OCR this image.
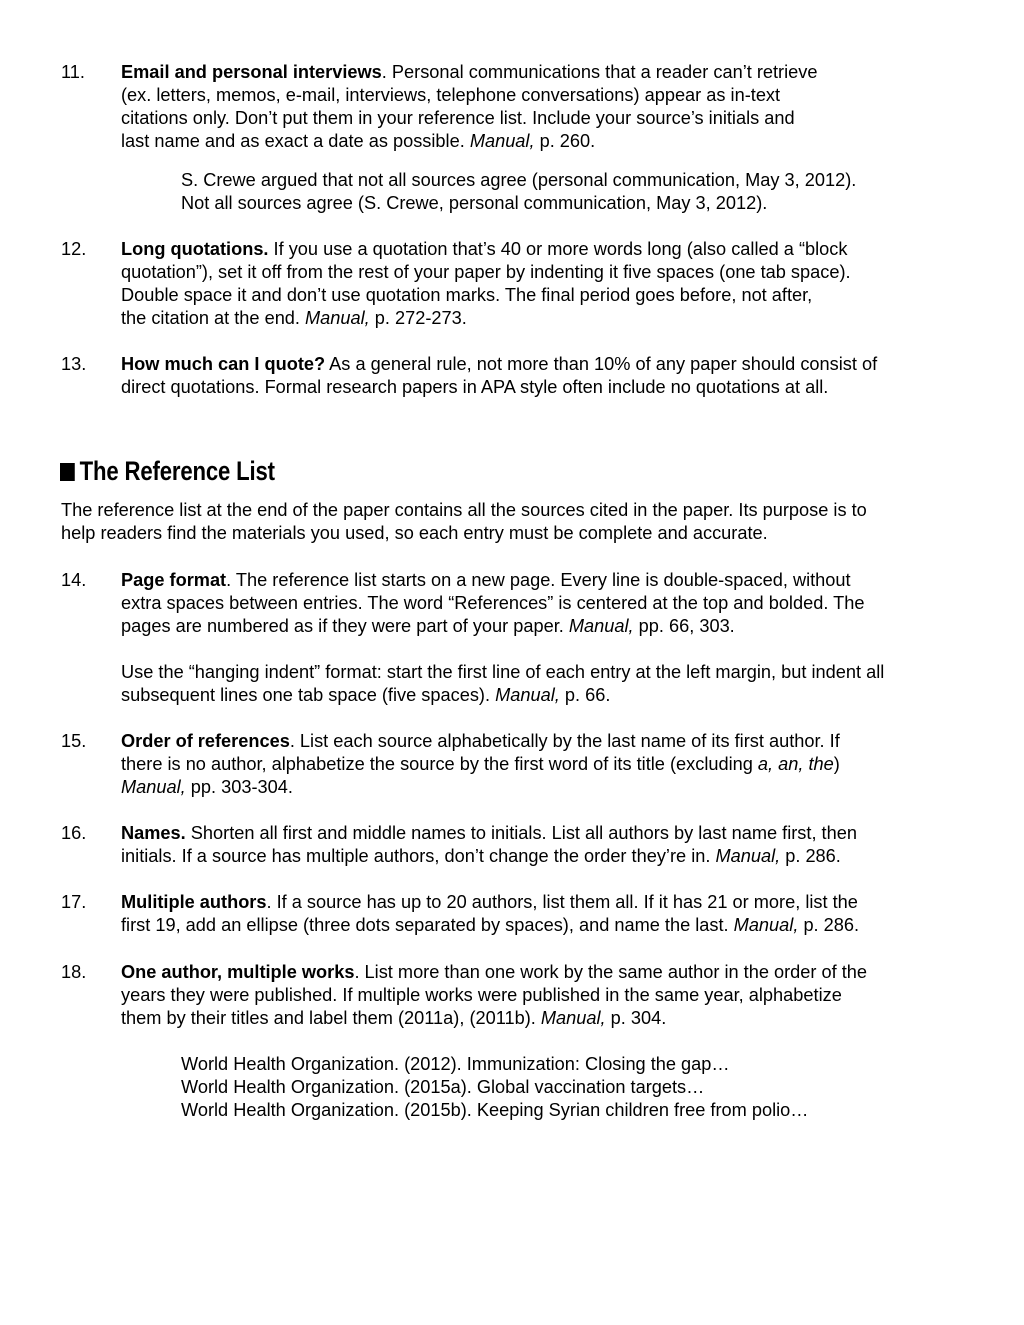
11. Email and personal interviews. Personal communications that a reader can’t retrieve
(ex. letters, memos, e-mail, interviews, telephone conversations) appear as in-text
citations only. Don’t put them in your reference list. Include your source’s initials and
last name and as exact a date as possible. Manual, p. 260.
S. Crewe argued that not all sources agree (personal communication, May 3, 2012).
Not all sources agree (S. Crewe, personal communication, May 3, 2012).
12. Long quotations. If you use a quotation that’s 40 or more words long (also called a “block
quotation”), set it off from the rest of your paper by indenting it five spaces (one tab space).
Double space it and don’t use quotation marks. The final period goes before, not after,
the citation at the end. Manual, p. 272-273.
13. How much can I quote? As a general rule, not more than 10% of any paper should consist of
direct quotations. Formal research papers in APA style often include no quotations at all.
The Reference List
The reference list at the end of the paper contains all the sources cited in the paper. Its purpose is to
help readers find the materials you used, so each entry must be complete and accurate.
14. Page format. The reference list starts on a new page. Every line is double-spaced, without
extra spaces between entries. The word “References” is centered at the top and bolded. The
pages are numbered as if they were part of your paper. Manual, pp. 66, 303.
Use the “hanging indent” format: start the first line of each entry at the left margin, but indent all
subsequent lines one tab space (five spaces). Manual, p. 66.
15. Order of references. List each source alphabetically by the last name of its first author. If
there is no author, alphabetize the source by the first word of its title (excluding a, an, the)
Manual, pp. 303-304.
16. Names. Shorten all first and middle names to initials. List all authors by last name first, then
initials. If a source has multiple authors, don’t change the order they’re in. Manual, p. 286.
17. Mulitiple authors. If a source has up to 20 authors, list them all. If it has 21 or more, list the
first 19, add an ellipse (three dots separated by spaces), and name the last. Manual, p. 286.
18. One author, multiple works. List more than one work by the same author in the order of the
years they were published. If multiple works were published in the same year, alphabetize
them by their titles and label them (2011a), (2011b). Manual, p. 304.
World Health Organization. (2012). Immunization: Closing the gap…
World Health Organization. (2015a). Global vaccination targets…
World Health Organization. (2015b). Keeping Syrian children free from polio…
